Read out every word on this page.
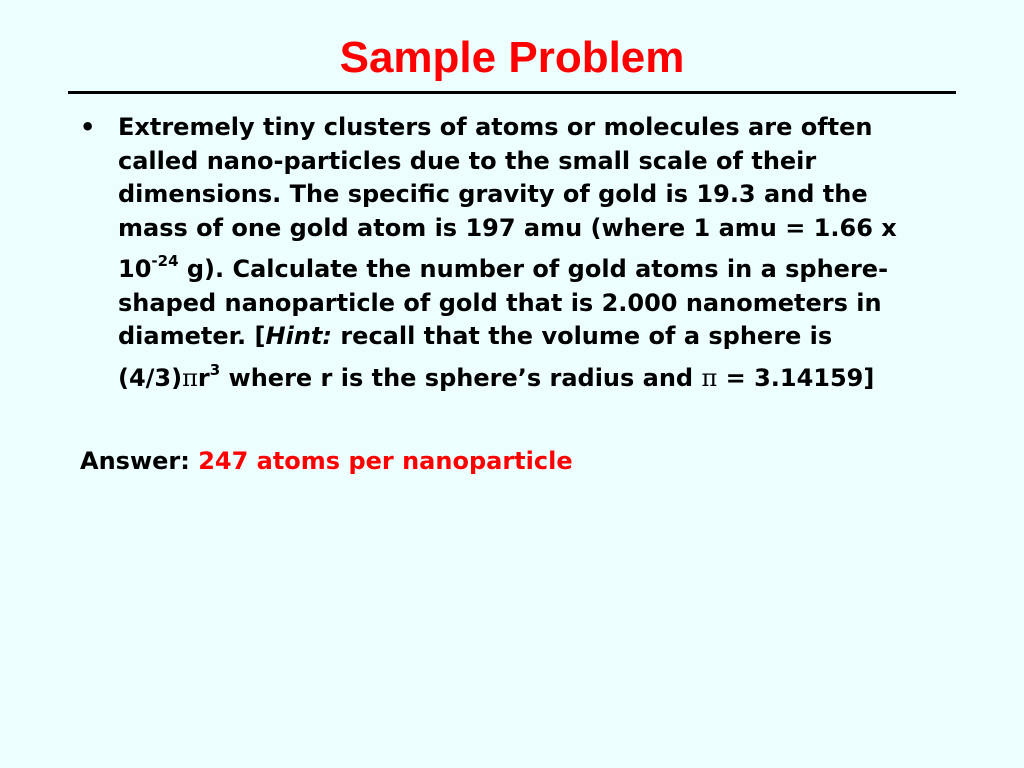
Sample Problem
• Extremely tiny clusters of atoms or molecules are often
called nano-particles due to the small scale of their
dimensions. The specific gravity of gold is 19.3 and the
mass of one gold atom is 197 amu (where 1 amu = 1.66 x
$10^{-24}$ g). Calculate the number of gold atoms in a sphere-
shaped nanoparticle of gold that is 2.000 nanometers in
diameter. [Hint: recall that the volume of a sphere is
$(4/3)\pi r^3$ where r is the sphere’s radius and π = 3.14159]
Answer: 247 atoms per nanoparticle
